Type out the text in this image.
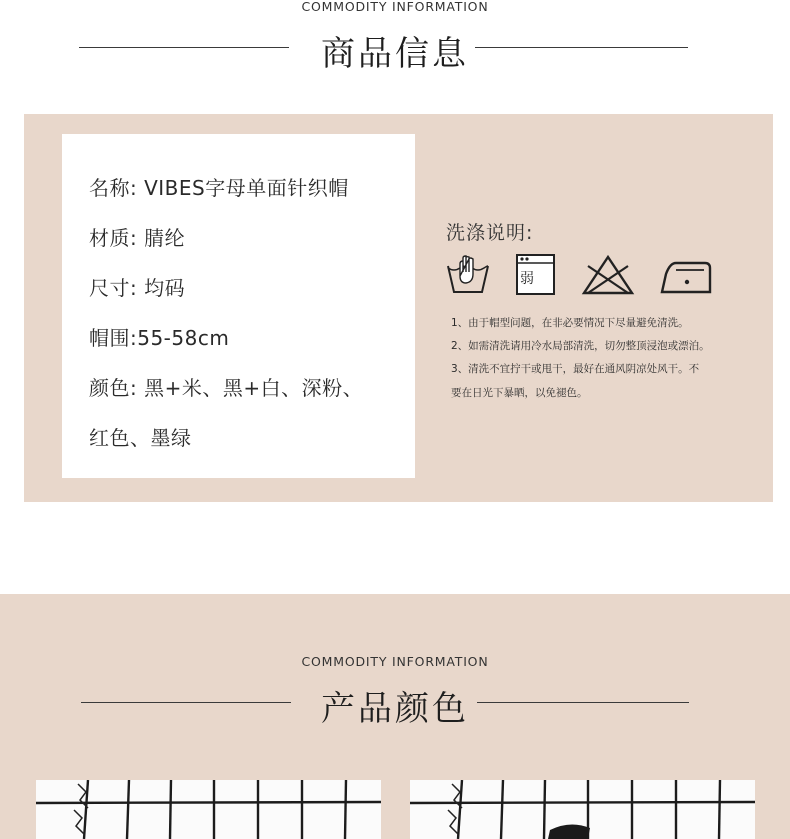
COMMODITY INFORMATION
商品信息
名称: VIBES字母单面针织帽
材质: 腈纶
尺寸: 均码
帽围:55-58cm
颜色: 黑+米、黑+白、深粉、
红色、墨绿
洗涤说明:
弱
1、由于帽型问题，在非必要情况下尽量避免清洗。
2、如需清洗请用冷水局部清洗，切勿整顶浸泡或漂泊。
3、清洗不宜拧干或甩干，最好在通风阴凉处风干。不
要在日光下暴晒，以免褪色。
COMMODITY INFORMATION
产品颜色
